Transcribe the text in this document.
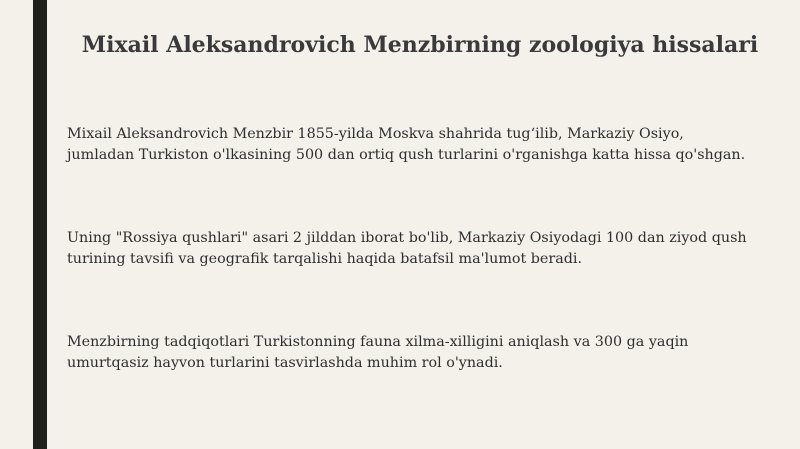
Mixail Aleksandrovich Menzbirning zoologiya hissalari

Mixail Aleksandrovich Menzbir 1855-yilda Moskva shahrida tug‘ilib, Markaziy Osiyo,
jumladan Turkiston o'lkasining 500 dan ortiq qush turlarini o'rganishga katta hissa qo'shgan.

Uning "Rossiya qushlari" asari 2 jilddan iborat bo'lib, Markaziy Osiyodagi 100 dan ziyod qush
turining tavsifi va geografik tarqalishi haqida batafsil ma'lumot beradi.

Menzbirning tadqiqotlari Turkistonning fauna xilma-xilligini aniqlash va 300 ga yaqin
umurtqasiz hayvon turlarini tasvirlashda muhim rol o'ynadi.
